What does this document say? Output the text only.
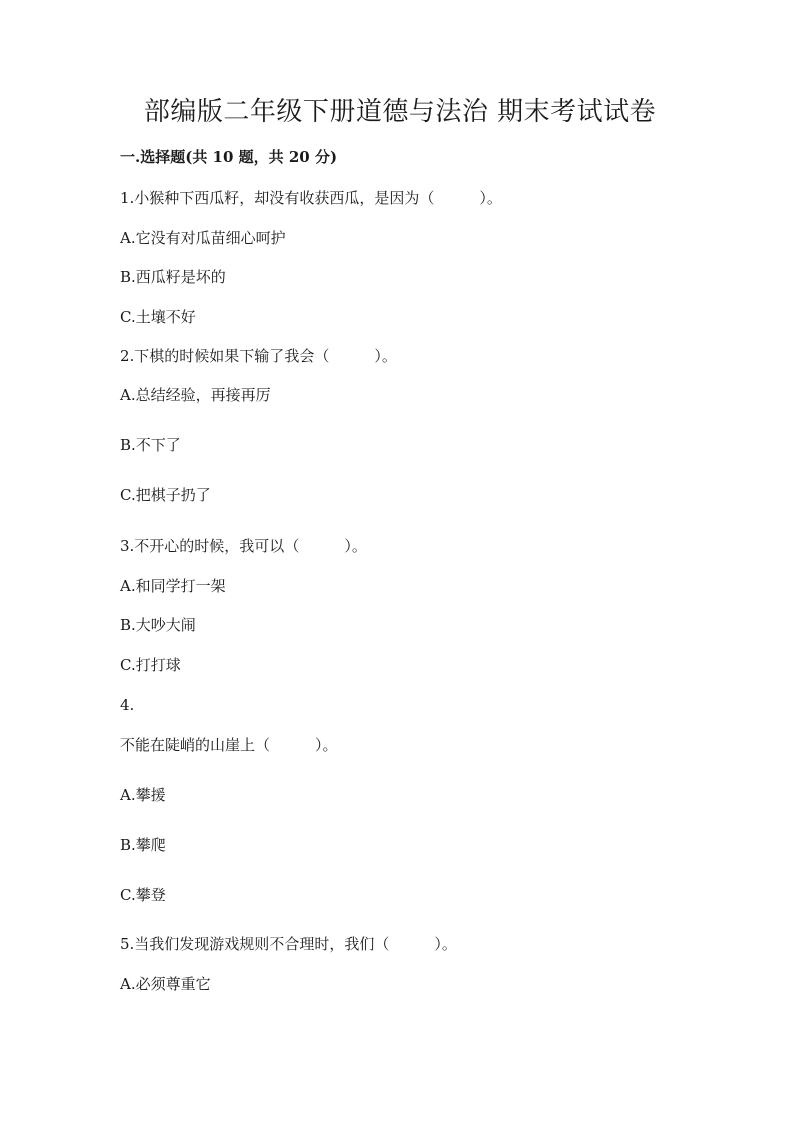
部编版二年级下册道德与法治 期末考试试卷
一.选择题(共 10 题，共 20 分)
1.小猴种下西瓜籽，却没有收获西瓜，是因为（　　　）。
A.它没有对瓜苗细心呵护
B.西瓜籽是坏的
C.土壤不好
2.下棋的时候如果下输了我会（　　　）。
A.总结经验，再接再厉
B.不下了
C.把棋子扔了
3.不开心的时候，我可以（　　　）。
A.和同学打一架
B.大吵大闹
C.打打球
4.
不能在陡峭的山崖上（　　　）。
A.攀援
B.攀爬
C.攀登
5.当我们发现游戏规则不合理时，我们（　　　）。
A.必须尊重它
